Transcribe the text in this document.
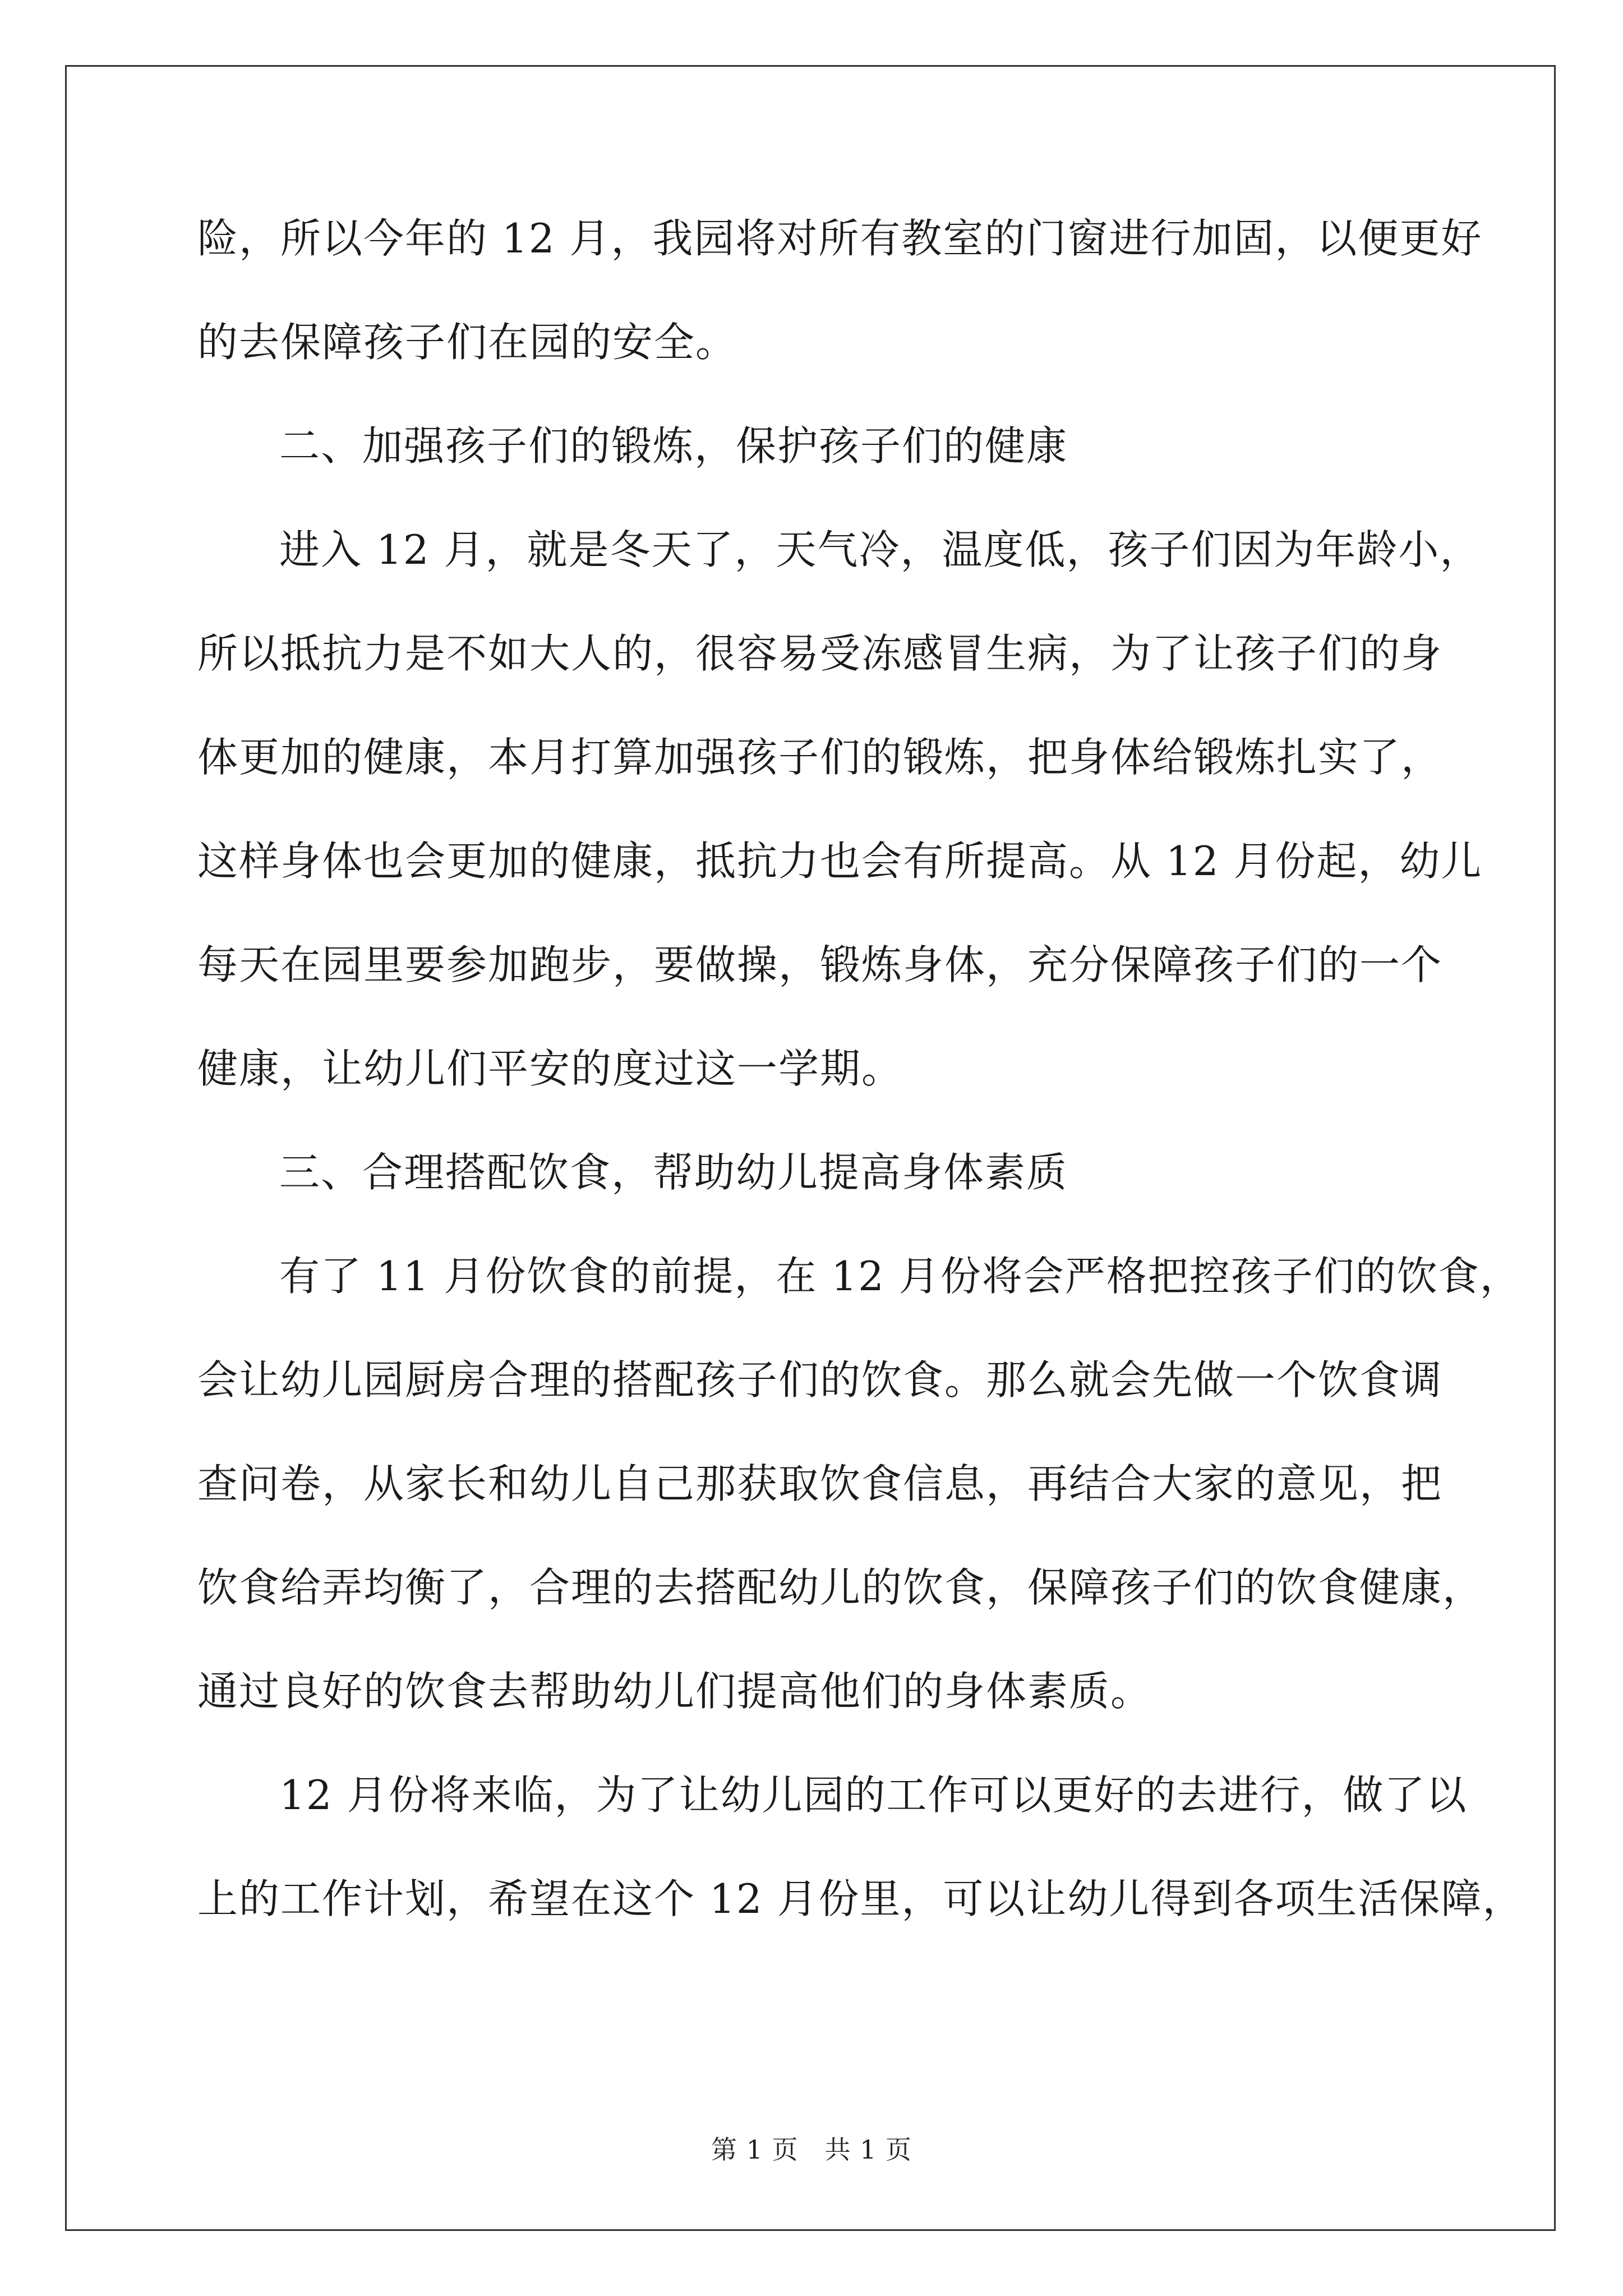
险，所以今年的 12 月，我园将对所有教室的门窗进行加固，以便更好
的去保障孩子们在园的安全。
二、加强孩子们的锻炼，保护孩子们的健康
进入 12 月，就是冬天了，天气冷，温度低，孩子们因为年龄小，
所以抵抗力是不如大人的，很容易受冻感冒生病，为了让孩子们的身
体更加的健康，本月打算加强孩子们的锻炼，把身体给锻炼扎实了，
这样身体也会更加的健康，抵抗力也会有所提高。从 12 月份起，幼儿
每天在园里要参加跑步，要做操，锻炼身体，充分保障孩子们的一个
健康，让幼儿们平安的度过这一学期。
三、合理搭配饮食，帮助幼儿提高身体素质
有了 11 月份饮食的前提，在 12 月份将会严格把控孩子们的饮食，
会让幼儿园厨房合理的搭配孩子们的饮食。那么就会先做一个饮食调
查问卷，从家长和幼儿自己那获取饮食信息，再结合大家的意见，把
饮食给弄均衡了，合理的去搭配幼儿的饮食，保障孩子们的饮食健康，
通过良好的饮食去帮助幼儿们提高他们的身体素质。
12 月份将来临，为了让幼儿园的工作可以更好的去进行，做了以
上的工作计划，希望在这个 12 月份里，可以让幼儿得到各项生活保障，
第 1 页　共 1 页
